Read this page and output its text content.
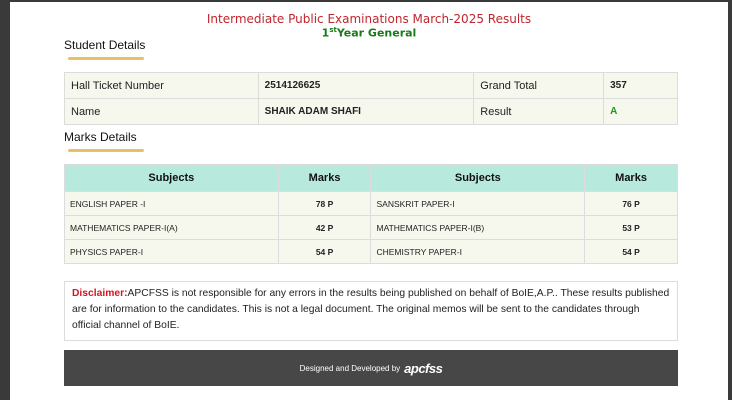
Intermediate Public Examinations March-2025 Results
1stYear General
Student Details
Hall Ticket Number	2514126625	Grand Total	357
Name	SHAIK ADAM SHAFI	Result	A
Marks Details
Subjects	Marks	Subjects	Marks
ENGLISH PAPER -I	78 P	SANSKRIT PAPER-I	76 P
MATHEMATICS PAPER-I(A)	42 P	MATHEMATICS PAPER-I(B)	53 P
PHYSICS PAPER-I	54 P	CHEMISTRY PAPER-I	54 P
Disclaimer:APCFSS is not responsible for any errors in the results being published on behalf of BoIE,A.P.. These results published are for information to the candidates. This is not a legal document. The original memos will be sent to the candidates through official channel of BoIE.
Designed and Developed by apcfss
